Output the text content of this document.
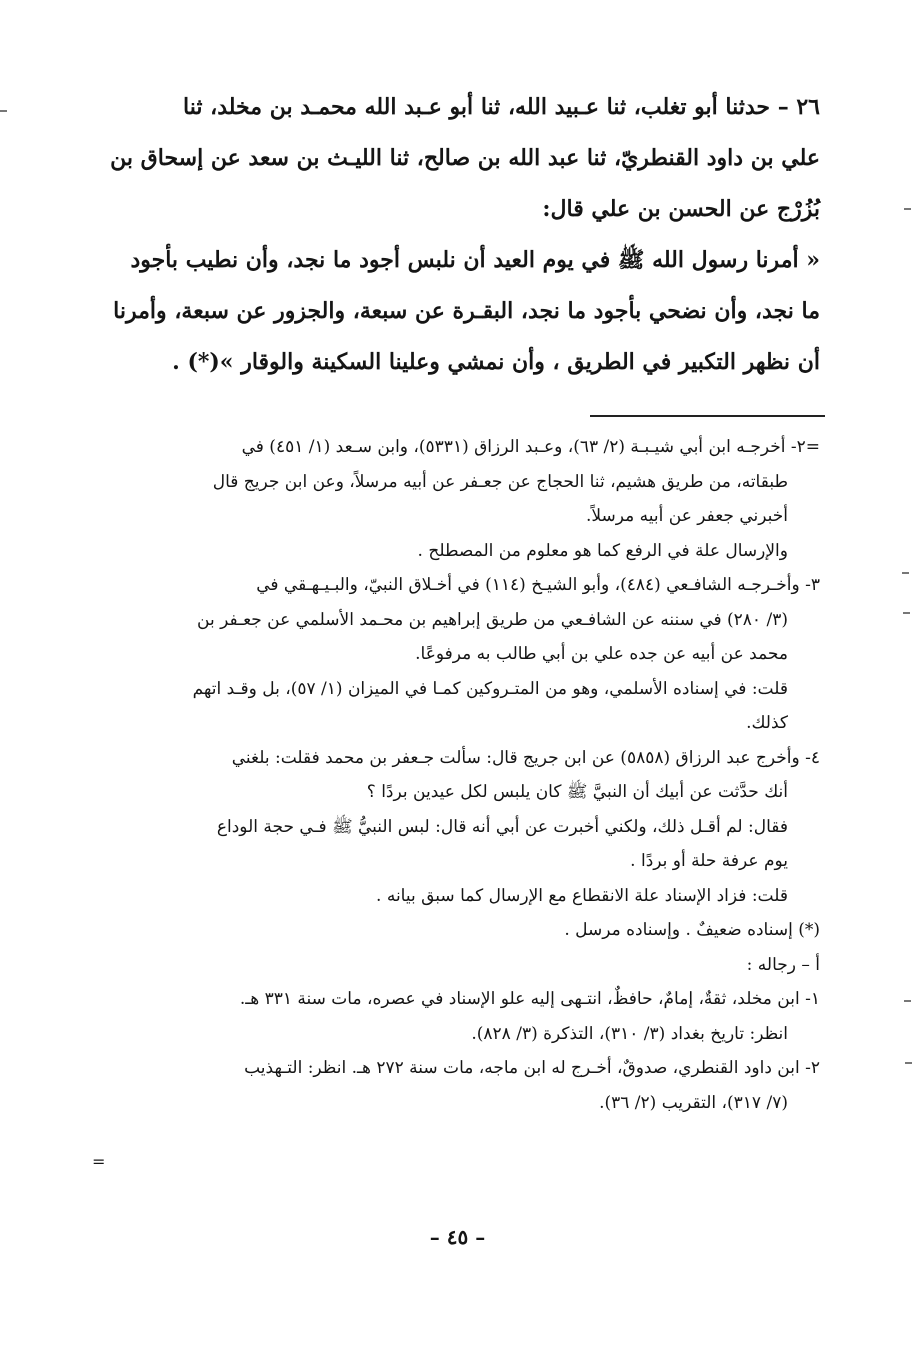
٢٦ – حدثنا أبو تغلب، ثنا عـبيد الله، ثنا أبو عـبد الله محمـد بن مخلد، ثنا

علي بن داود القنطريّ، ثنا عبد الله بن صالح، ثنا الليـث بن سعد عن إسحاق بن

بُزُرْج عن الحسن بن علي قال:

« أمرنا رسول الله ﷺ في يوم العيد أن نلبس أجود ما نجد، وأن نطيب بأجود

ما نجد، وأن نضحي بأجود ما نجد، البقـرة عن سبعة، والجزور عن سبعة، وأمرنا

أن نظهر التكبير في الطريق ، وأن نمشي وعلينا السكينة والوقار »(*) .

=٢- أخرجـه ابن أبي شيـبـة (٢/ ٦٣)، وعـبد الرزاق (٥٣٣١)، وابن سـعد (١/ ٤٥١) في
طبقاته، من طريق هشيم، ثنا الحجاج عن جعـفر عن أبيه مرسلاً، وعن ابن جريج قال
أخبرني جعفر عن أبيه مرسلاً.
والإرسال علة في الرفع كما هو معلوم من المصطلح .
٣- وأخـرجـه الشافـعي (٤٨٤)، وأبو الشيـخ (١١٤) في أخـلاق النبيّ، والبـيـهـقي في
(٣/ ٢٨٠) في سننه عن الشافـعي من طريق إبراهيم بن محـمد الأسلمي عن جعـفر بن
محمد عن أبيه عن جده علي بن أبي طالب به مرفوعًا.
قلت: في إسناده الأسلمي، وهو من المتـروكين كمـا في الميزان (١/ ٥٧)، بل وقـد اتهم
كذلك.
٤- وأخرج عبد الرزاق (٥٨٥٨) عن ابن جريج قال: سألت جـعفر بن محمد فقلت: بلغني
أنك حدَّثت عن أبيك أن النبيَّ ﷺ كان يلبس لكل عيدين بردًا ؟
فقال: لم أقـل ذلك، ولكني أخبرت عن أبي أنه قال: لبس النبيُّ ﷺ فـي حجة الوداع
يوم عرفة حلة أو بردًا .
قلت: فزاد الإسناد علة الانقطاع مع الإرسال كما سبق بيانه .
(*) إسناده ضعيفٌ . وإسناده مرسل .
أ – رجاله :
١- ابن مخلد، ثقةٌ، إمامٌ، حافظٌ، انتـهى إليه علو الإسناد في عصره، مات سنة ٣٣١ هـ.
انظر: تاريخ بغداد (٣/ ٣١٠)، التذكرة (٣/ ٨٢٨).
٢- ابن داود القنطري، صدوقٌ، أخـرج له ابن ماجه، مات سنة ٢٧٢ هـ. انظر: التـهذيب
(٧/ ٣١٧)، التقريب (٢/ ٣٦).
=
– ٤٥ –
